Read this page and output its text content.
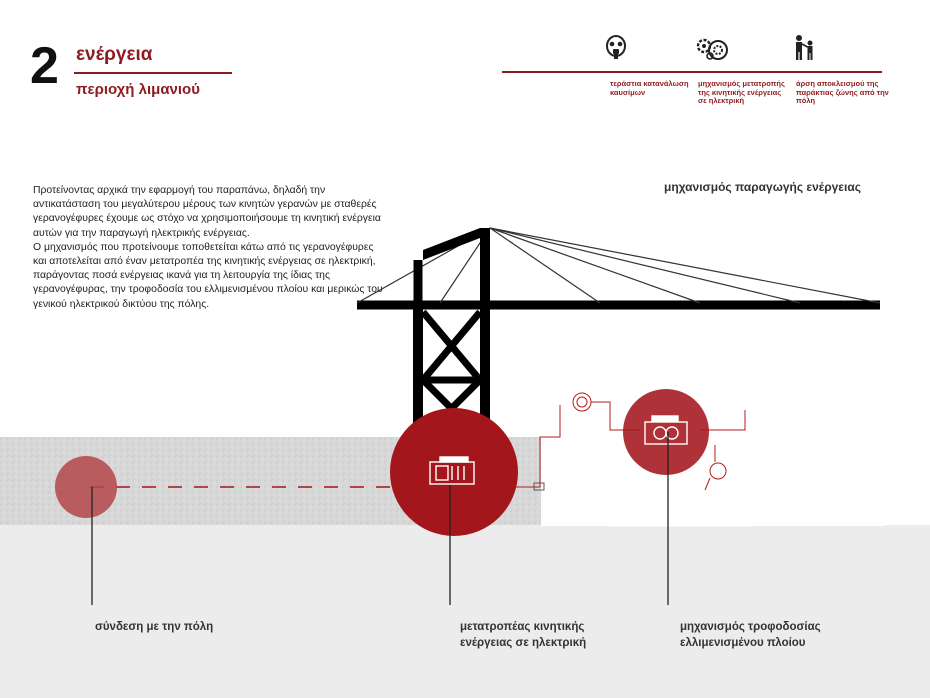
2 ενέργεια
περιοχή λιμανιού	τεράστια κατανάλωση καυσίμων
μηχανισμός μετατροπής της κινητικής ενέργειας σε ηλεκτρική
άρση αποκλεισμού της παράκτιας ζώνης από την πόλη

Προτείνοντας αρχικά την εφαρμογή του παραπάνω, δηλαδή την αντικατάσταση του μεγαλύτερου μέρους των κινητών γερανών με σταθερές γερανογέφυρες έχουμε ως στόχο να χρησιμοποιήσουμε τη κινητική ενέργεια αυτών για την παραγωγή ηλεκτρικής ενέργειας.

Ο μηχανισμός που προτείνουμε τοποθετείται κάτω από τις γερανογέφυρες και αποτελείται από έναν μετατροπέα της κινητικής ενέργειας σε ηλεκτρική, παράγοντας ποσά ενέργειας ικανά για τη λειτουργία της ίδιας της γερανογέφυρας, την τροφοδοσία του ελλιμενισμένου πλοίου και μερικώς του γενικού ηλεκτρικού δικτύου της πόλης.

μηχανισμός παραγωγής ενέργειας
σύνδεση με την πόλη	μετατροπέας κινητικής
ενέργειας σε ηλεκτρική
μηχανισμός τροφοδοσίας
ελλιμενισμένου πλοίου
